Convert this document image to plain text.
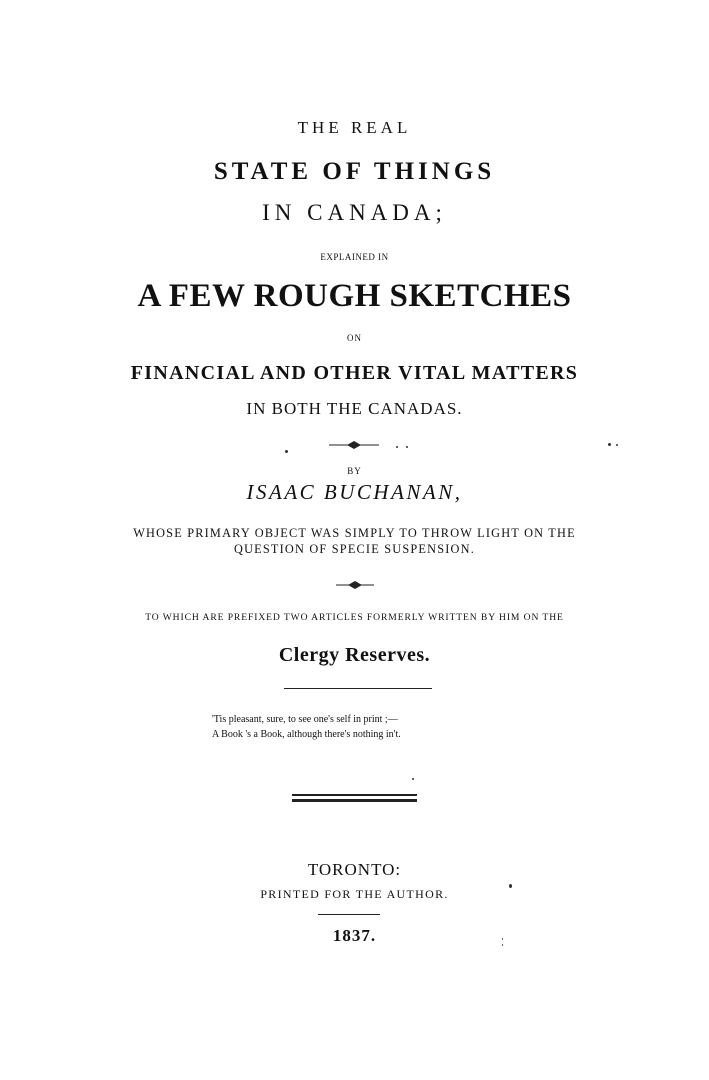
THE REAL
STATE OF THINGS
IN CANADA;
EXPLAINED IN
A FEW ROUGH SKETCHES
ON
FINANCIAL AND OTHER VITAL MATTERS
IN BOTH THE CANADAS.
BY
ISAAC BUCHANAN,
WHOSE PRIMARY OBJECT WAS SIMPLY TO THROW LIGHT ON THE
QUESTION OF SPECIE SUSPENSION.
TO WHICH ARE PREFIXED TWO ARTICLES FORMERLY WRITTEN BY HIM ON THE
Clergy Reserves.
'Tis pleasant, sure, to see one's self in print ;—
A Book 's a Book, although there's nothing in't.
TORONTO:
PRINTED FOR THE AUTHOR.
1837.
